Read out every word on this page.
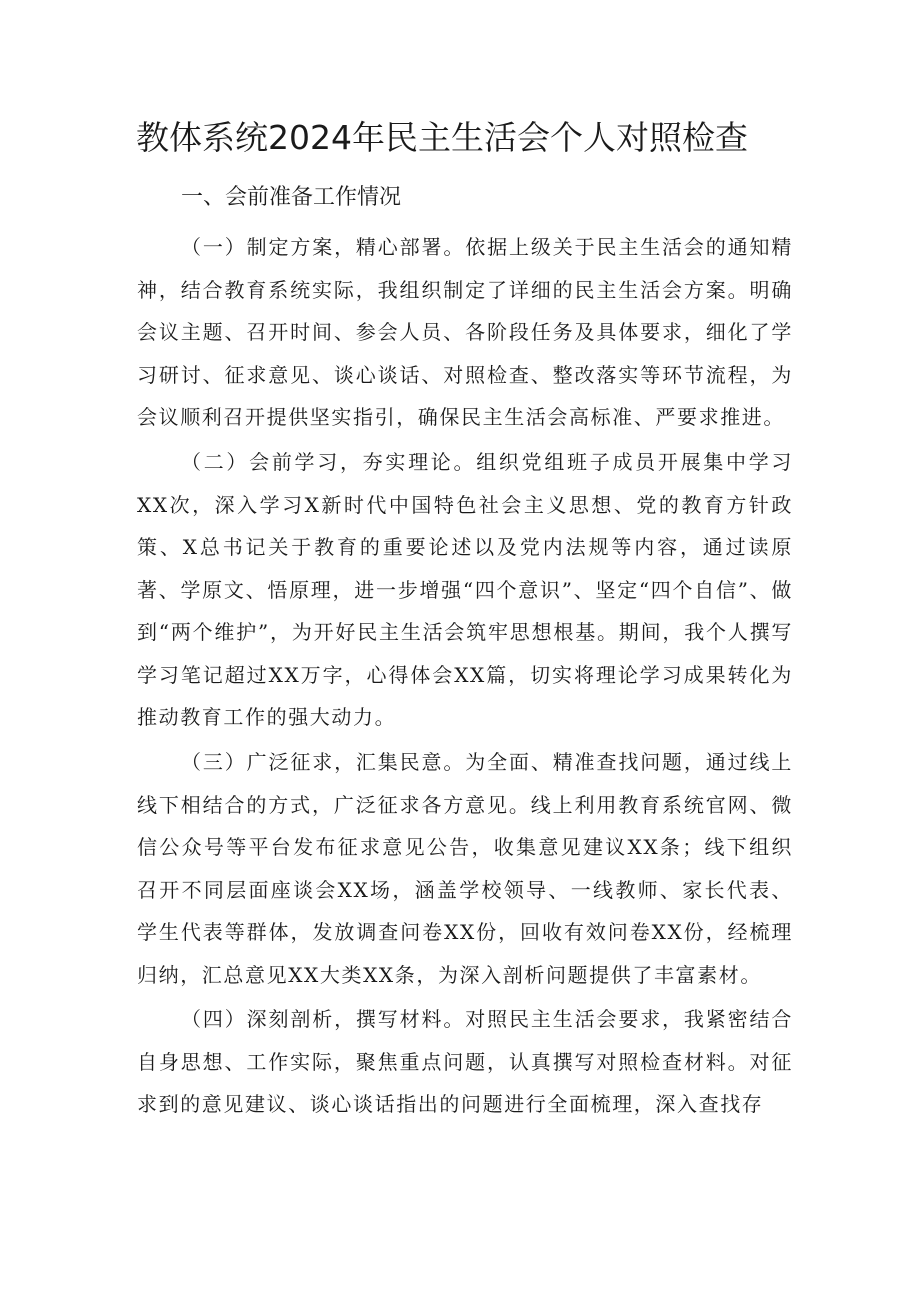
教体系统2024年民主生活会个人对照检查
一、会前准备工作情况

（一）制定方案，精心部署。依据上级关于民主生活会的通知精神，结合教育系统实际，我组织制定了详细的民主生活会方案。明确会议主题、召开时间、参会人员、各阶段任务及具体要求，细化了学习研讨、征求意见、谈心谈话、对照检查、整改落实等环节流程，为会议顺利召开提供坚实指引，确保民主生活会高标准、严要求推进。

（二）会前学习，夯实理论。组织党组班子成员开展集中学习XX次，深入学习X新时代中国特色社会主义思想、党的教育方针政策、X总书记关于教育的重要论述以及党内法规等内容，通过读原著、学原文、悟原理，进一步增强“四个意识”、坚定“四个自信”、做到“两个维护”，为开好民主生活会筑牢思想根基。期间，我个人撰写学习笔记超过XX万字，心得体会XX篇，切实将理论学习成果转化为推动教育工作的强大动力。

（三）广泛征求，汇集民意。为全面、精准查找问题，通过线上线下相结合的方式，广泛征求各方意见。线上利用教育系统官网、微信公众号等平台发布征求意见公告，收集意见建议XX条；线下组织召开不同层面座谈会XX场，涵盖学校领导、一线教师、家长代表、学生代表等群体，发放调查问卷XX份，回收有效问卷XX份，经梳理归纳，汇总意见XX大类XX条，为深入剖析问题提供了丰富素材。

（四）深刻剖析，撰写材料。对照民主生活会要求，我紧密结合自身思想、工作实际，聚焦重点问题，认真撰写对照检查材料。对征求到的意见建议、谈心谈话指出的问题进行全面梳理，深入查找存
